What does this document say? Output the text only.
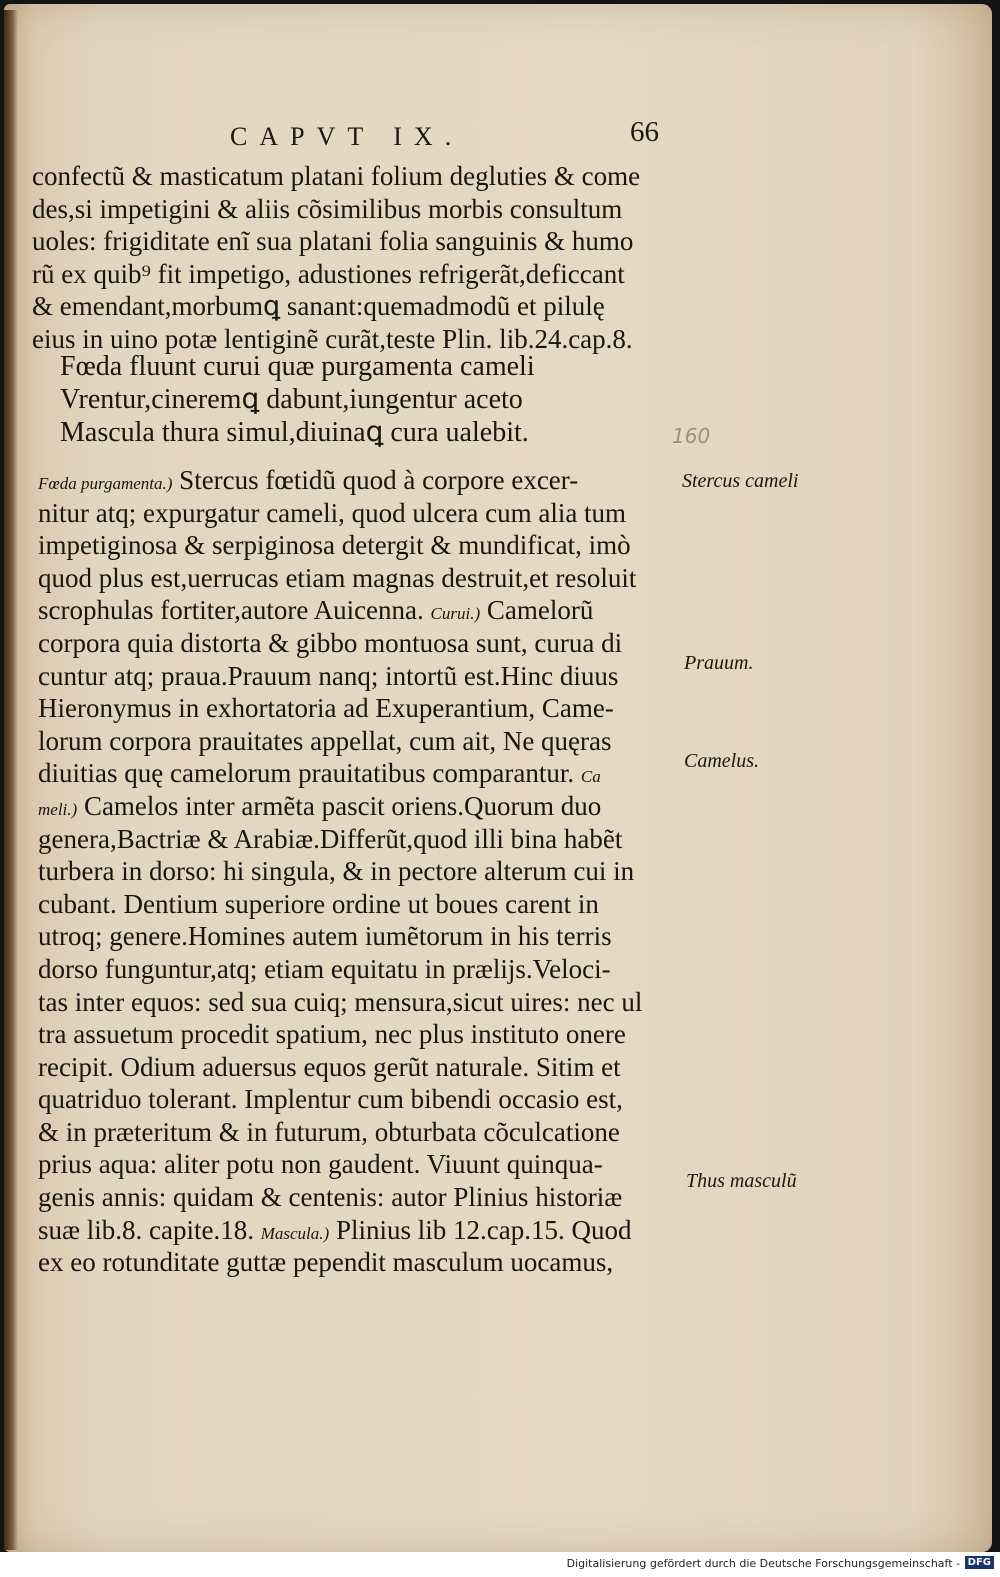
CAPVT IX.	66
confectũ & masticatum platani folium degluties & come
des,si impetigini & aliis cõsimilibus morbis consultum
uoles: frigiditate enĩ sua platani folia sanguinis & humo
rũ ex quib⁹ fit impetigo, adustiones refrigerãt,deficcant
& emendant,morbumꝗ sanant:quemadmodũ et pilulę
eius in uino potæ lentiginẽ curãt,teste Plin. lib.24.cap.8.
Fœda fluunt curui quæ purgamenta cameli
Vrentur,cineremꝗ dabunt,iungentur aceto
Mascula thura simul,diuinaꝗ cura ualebit.	160
Fœda purgamenta.) Stercus fœtidũ quod à corpore excer-
nitur atq; expurgatur cameli, quod ulcera cum alia tum
impetiginosa & serpiginosa detergit & mundificat, imò
quod plus est,uerrucas etiam magnas destruit,et resoluit
scrophulas fortiter,autore Auicenna. Curui.) Camelorũ
corpora quia distorta & gibbo montuosa sunt, curua di
cuntur atq; praua.Prauum nanq; intortũ est.Hinc diuus
Hieronymus in exhortatoria ad Exuperantium, Came-
lorum corpora prauitates appellat, cum ait, Ne quęras
diuitias quę camelorum prauitatibus comparantur. Ca
meli.) Camelos inter armẽta pascit oriens.Quorum duo
genera,Bactriæ & Arabiæ.Differũt,quod illi bina habẽt
turbera in dorso: hi singula, & in pectore alterum cui in
cubant. Dentium superiore ordine ut boues carent in
utroq; genere.Homines autem iumẽtorum in his terris
dorso funguntur,atq; etiam equitatu in prælijs.Veloci-
tas inter equos: sed sua cuiq; mensura,sicut uires: nec ul
tra assuetum procedit spatium, nec plus instituto onere
recipit. Odium aduersus equos gerũt naturale. Sitim et
quatriduo tolerant. Implentur cum bibendi occasio est,
& in præteritum & in futurum, obturbata cõculcatione
prius aqua: aliter potu non gaudent. Viuunt quinqua-
genis annis: quidam & centenis: autor Plinius historiæ
suæ lib.8. capite.18. Mascula.) Plinius lib 12.cap.15. Quod
ex eo rotunditate guttæ pependit masculum uocamus,
Stercus cameli
Prauum.
Camelus.
Thus masculũ
Digitalisierung gefördert durch die Deutsche Forschungsgemeinschaft - DFG
